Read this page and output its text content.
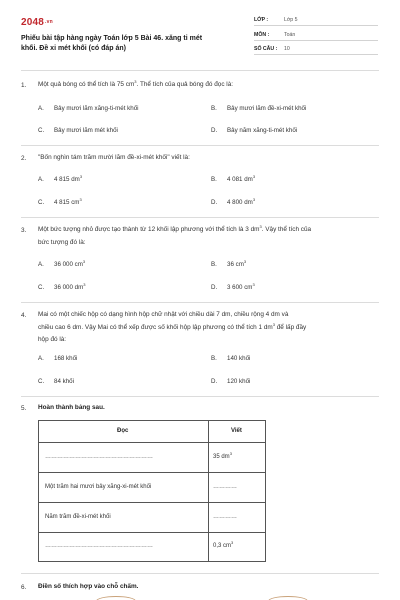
2048.vn
Phiếu bài tập hàng ngày Toán lớp 5 Bài 46. xăng ti mét
khối. Đề xi mét khối (có đáp án)
LỚP :	Lớp 5
MÔN :	Toán
SỐ CÂU : 10
1. Một quả bóng có thể tích là 75 $cm^3$. Thể tích của quả bóng đó đọc là:
A. Bảy mươi lăm xăng-ti-mét khối	B. Bảy mươi lăm đề-xi-mét khối
C. Bảy mươi lăm mét khối	D. Bảy năm xăng-ti-mét khối
2. "Bốn nghìn tám trăm mười lăm đề-xi-mét khối" viết là:
A. 4 815 $dm^3$	B. 4 081 $dm^3$
C. 4 815 $cm^3$	D. 4 800 $dm^3$
3. Một bức tượng nhỏ được tạo thành từ 12 khối lập phương với thể tích là 3 $dm^3$. Vậy thể tích của
bức tượng đó là:
A. 36 000 $cm^3$	B. 36 $cm^3$
C. 36 000 $dm^3$	D. 3 600 $cm^3$
4. Mai có một chiếc hộp có dạng hình hộp chữ nhật với chiều dài 7 dm, chiều rộng 4 dm và
chiều cao 6 dm. Vậy Mai có thể xếp được số khối hộp lập phương có thể tích 1 $dm^3$ để lấp đầy
hộp đó là:
A. 168 khối	B. 140 khối
C. 84 khối	D. 120 khối
5. Hoàn thành bảng sau.
Đọc	Viết
………………………………………………	35 $dm^3$
Một trăm hai mươi bảy xăng-xi-mét khối	…………
Năm trăm đề-xi-mét khối	…………
………………………………………………	0,3 $cm^3$
6. Điền số thích hợp vào chỗ chấm.
